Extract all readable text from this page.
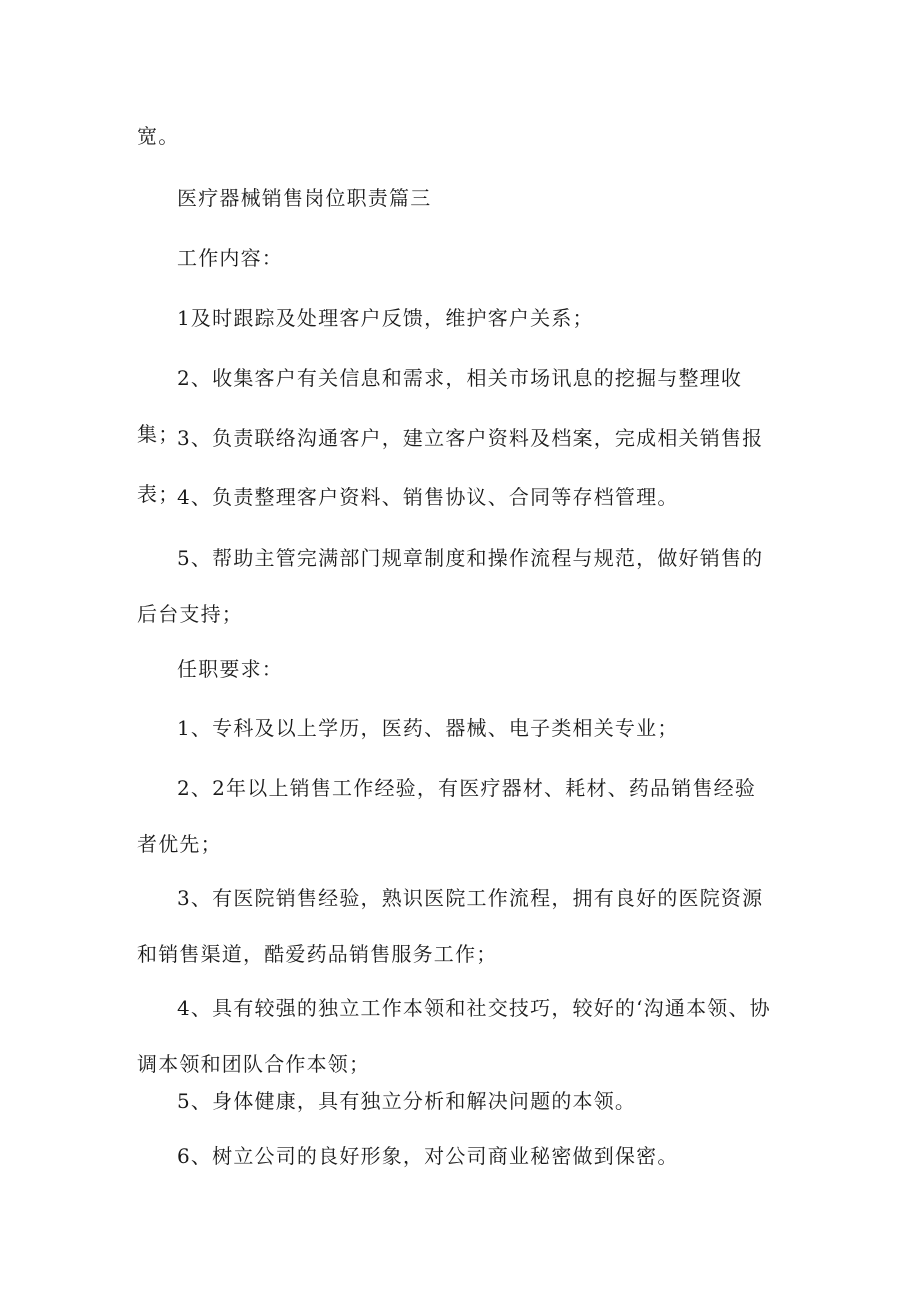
宽。

医疗器械销售岗位职责篇三

工作内容：

1及时跟踪及处理客户反馈，维护客户关系；

2、收集客户有关信息和需求，相关市场讯息的挖掘与整理收集；

3、负责联络沟通客户，建立客户资料及档案，完成相关销售报表；

4、负责整理客户资料、销售协议、合同等存档管理。

5、帮助主管完满部门规章制度和操作流程与规范，做好销售的后台支持；

任职要求：

1、专科及以上学历，医药、器械、电子类相关专业；

2、2年以上销售工作经验，有医疗器材、耗材、药品销售经验者优先；

3、有医院销售经验，熟识医院工作流程，拥有良好的医院资源和销售渠道，酷爱药品销售服务工作；

4、具有较强的独立工作本领和社交技巧，较好的‘沟通本领、协调本领和团队合作本领；

5、身体健康，具有独立分析和解决问题的本领。

6、树立公司的良好形象，对公司商业秘密做到保密。
